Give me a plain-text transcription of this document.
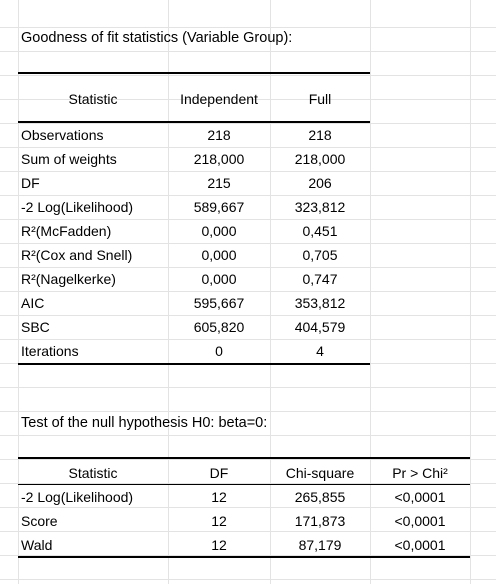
Goodness of fit statistics (Variable Group):
Statistic	Independent	Full
Observations	218	218
Sum of weights	218,000	218,000
DF	215	206
-2 Log(Likelihood)	589,667	323,812
R²(McFadden)	0,000	0,451
R²(Cox and Snell)	0,000	0,705
R²(Nagelkerke)	0,000	0,747
AIC	595,667	353,812
SBC	605,820	404,579
Iterations	0	4
Test of the null hypothesis H0: beta=0:
Statistic	DF	Chi-square	Pr > Chi²
-2 Log(Likelihood)	12	265,855	<0,0001
Score	12	171,873	<0,0001
Wald	12	87,179	<0,0001
